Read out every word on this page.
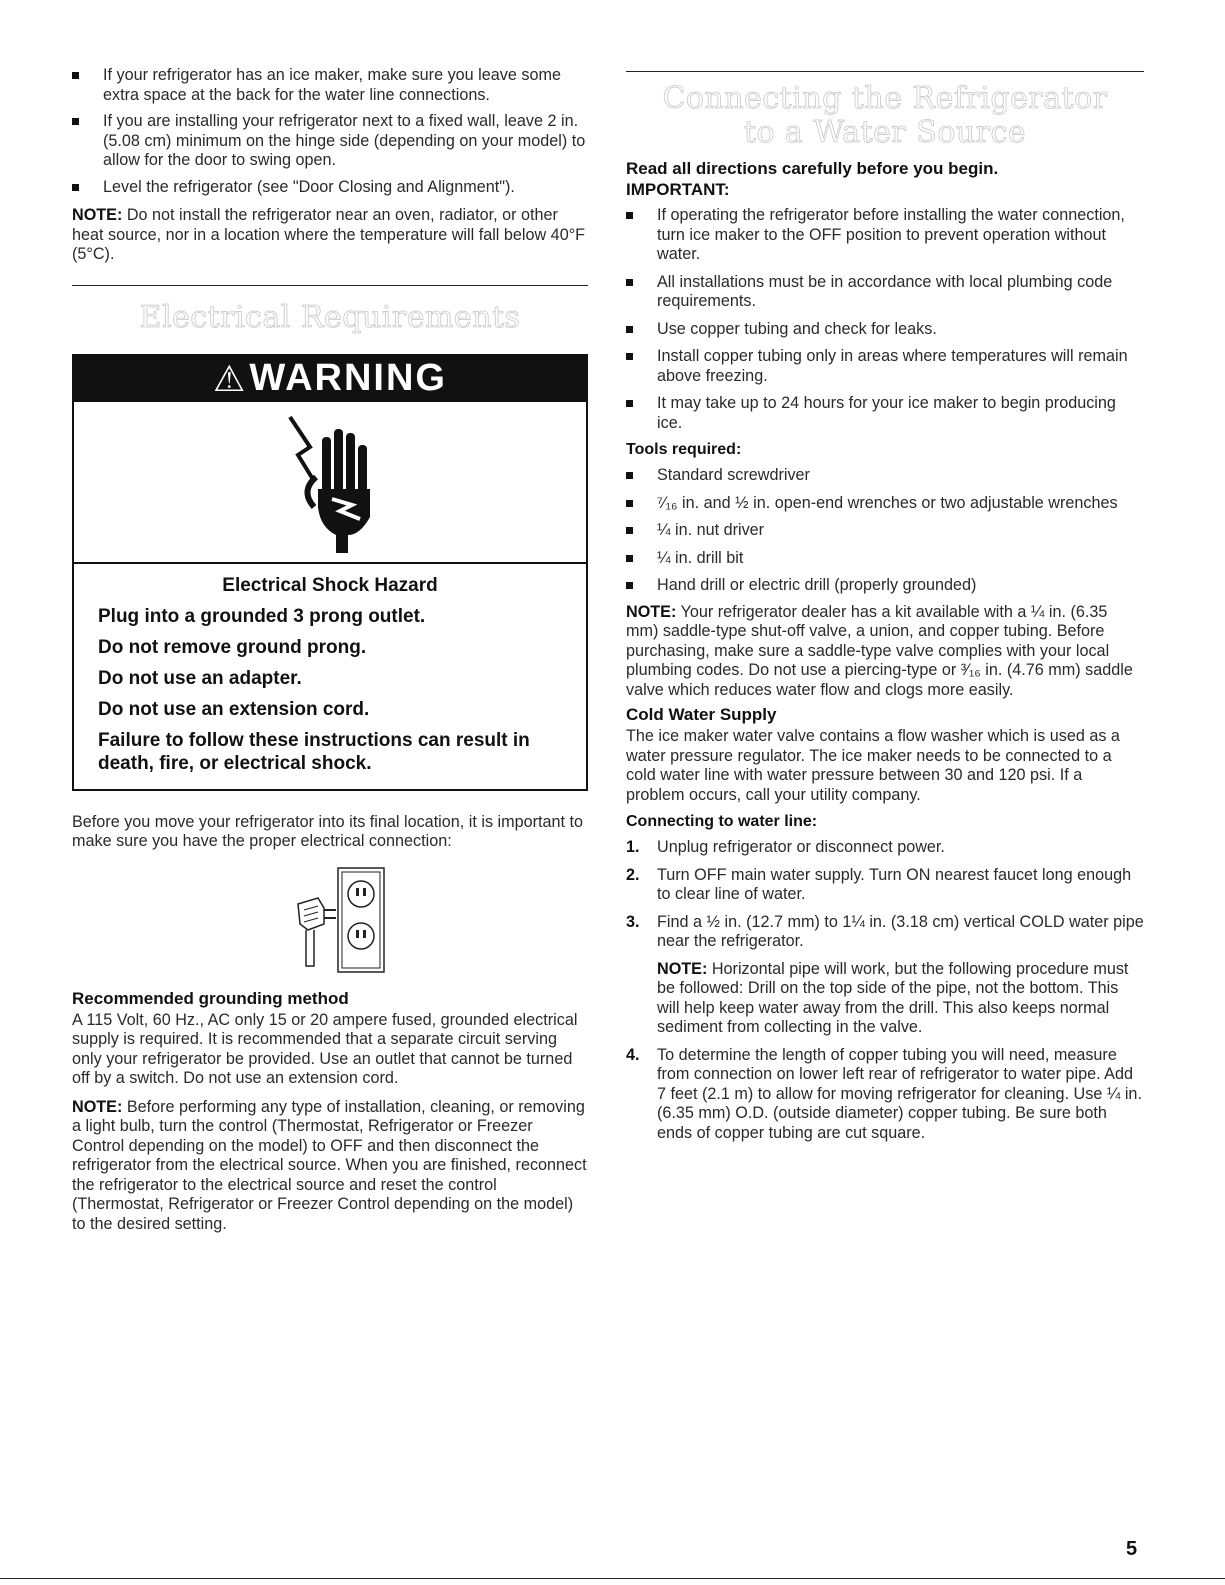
If your refrigerator has an ice maker, make sure you leave some extra space at the back for the water line connections.
If you are installing your refrigerator next to a fixed wall, leave 2 in. (5.08 cm) minimum on the hinge side (depending on your model) to allow for the door to swing open.
Level the refrigerator (see "Door Closing and Alignment").

NOTE: Do not install the refrigerator near an oven, radiator, or other heat source, nor in a location where the temperature will fall below 40°F (5°C).

Electrical Requirements
⚠ WARNING
Electrical Shock Hazard
Plug into a grounded 3 prong outlet.
Do not remove ground prong.
Do not use an adapter.
Do not use an extension cord.
Failure to follow these instructions can result in death, fire, or electrical shock.

Before you move your refrigerator into its final location, it is important to make sure you have the proper electrical connection:

Recommended grounding method

A 115 Volt, 60 Hz., AC only 15 or 20 ampere fused, grounded electrical supply is required. It is recommended that a separate circuit serving only your refrigerator be provided. Use an outlet that cannot be turned off by a switch. Do not use an extension cord.

NOTE: Before performing any type of installation, cleaning, or removing a light bulb, turn the control (Thermostat, Refrigerator or Freezer Control depending on the model) to OFF and then disconnect the refrigerator from the electrical source. When you are finished, reconnect the refrigerator to the electrical source and reset the control (Thermostat, Refrigerator or Freezer Control depending on the model) to the desired setting.

Connecting the Refrigerator
to a Water Source
Read all directions carefully before you begin.
IMPORTANT:
If operating the refrigerator before installing the water connection, turn ice maker to the OFF position to prevent operation without water.
All installations must be in accordance with local plumbing code requirements.
Use copper tubing and check for leaks.
Install copper tubing only in areas where temperatures will remain above freezing.
It may take up to 24 hours for your ice maker to begin producing ice.
Tools required:
Standard screwdriver
⁷⁄₁₆ in. and ½ in. open-end wrenches or two adjustable wrenches
¼ in. nut driver
¼ in. drill bit
Hand drill or electric drill (properly grounded)

NOTE: Your refrigerator dealer has a kit available with a ¼ in. (6.35 mm) saddle-type shut-off valve, a union, and copper tubing. Before purchasing, make sure a saddle-type valve complies with your local plumbing codes. Do not use a piercing-type or ³⁄₁₆ in. (4.76 mm) saddle valve which reduces water flow and clogs more easily.

Cold Water Supply

The ice maker water valve contains a flow washer which is used as a water pressure regulator. The ice maker needs to be connected to a cold water line with water pressure between 30 and 120 psi. If a problem occurs, call your utility company.

Connecting to water line:
1. Unplug refrigerator or disconnect power.
2. Turn OFF main water supply. Turn ON nearest faucet long enough to clear line of water.
3. Find a ½ in. (12.7 mm) to 1¼ in. (3.18 cm) vertical COLD water pipe near the refrigerator.

NOTE: Horizontal pipe will work, but the following procedure must be followed: Drill on the top side of the pipe, not the bottom. This will help keep water away from the drill. This also keeps normal sediment from collecting in the valve.

4. To determine the length of copper tubing you will need, measure from connection on lower left rear of refrigerator to water pipe. Add 7 feet (2.1 m) to allow for moving refrigerator for cleaning. Use ¼ in. (6.35 mm) O.D. (outside diameter) copper tubing. Be sure both ends of copper tubing are cut square.
5
